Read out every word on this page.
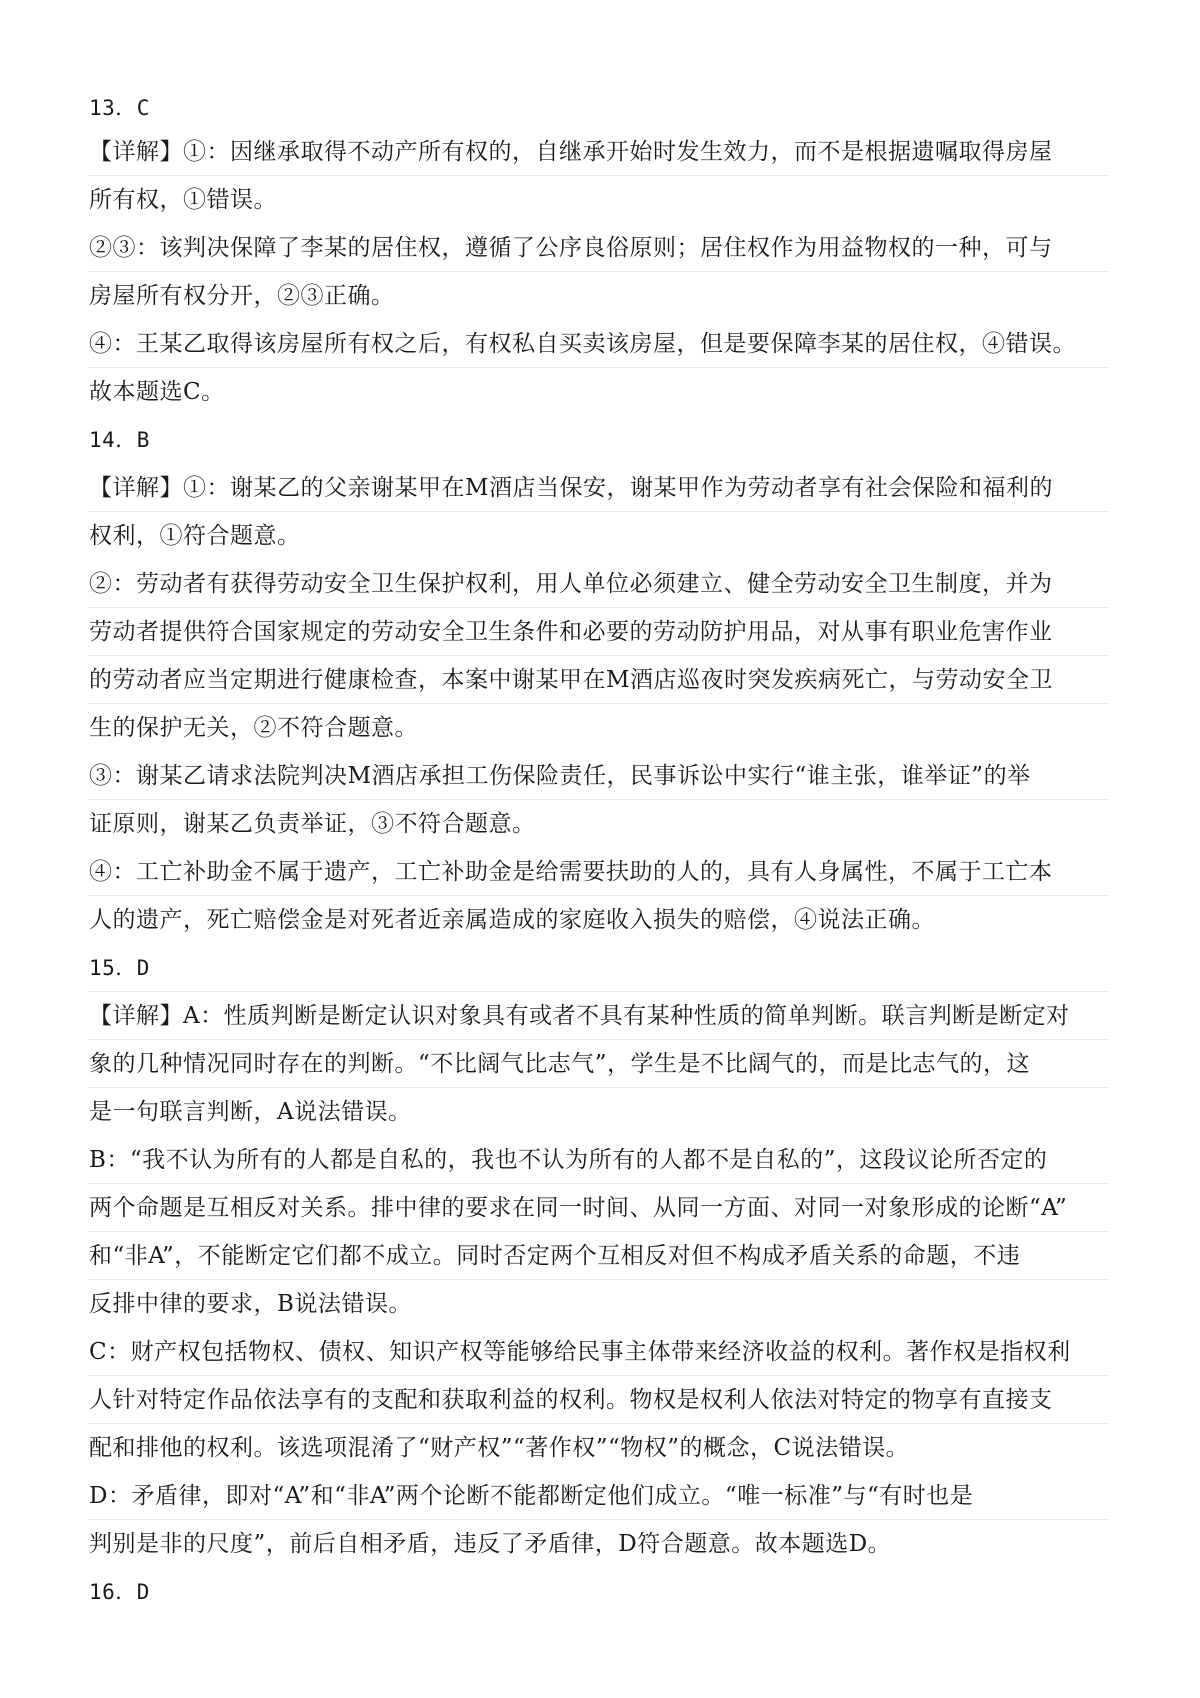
13．C
【详解】①：因继承取得不动产所有权的，自继承开始时发生效力，而不是根据遗嘱取得房屋
所有权，①错误。
②③：该判决保障了李某的居住权，遵循了公序良俗原则；居住权作为用益物权的一种，可与
房屋所有权分开，②③正确。
④：王某乙取得该房屋所有权之后，有权私自买卖该房屋，但是要保障李某的居住权，④错误。
故本题选C。
14．B
【详解】①：谢某乙的父亲谢某甲在M酒店当保安，谢某甲作为劳动者享有社会保险和福利的
权利，①符合题意。
②：劳动者有获得劳动安全卫生保护权利，用人单位必须建立、健全劳动安全卫生制度，并为
劳动者提供符合国家规定的劳动安全卫生条件和必要的劳动防护用品，对从事有职业危害作业
的劳动者应当定期进行健康检查，本案中谢某甲在M酒店巡夜时突发疾病死亡，与劳动安全卫
生的保护无关，②不符合题意。
③：谢某乙请求法院判决M酒店承担工伤保险责任，民事诉讼中实行“谁主张，谁举证”的举
证原则，谢某乙负责举证，③不符合题意。
④：工亡补助金不属于遗产，工亡补助金是给需要扶助的人的，具有人身属性，不属于工亡本
人的遗产，死亡赔偿金是对死者近亲属造成的家庭收入损失的赔偿，④说法正确。
15．D
【详解】A：性质判断是断定认识对象具有或者不具有某种性质的简单判断。联言判断是断定对
象的几种情况同时存在的判断。“不比阔气比志气”，学生是不比阔气的，而是比志气的，这
是一句联言判断，A说法错误。
B：“我不认为所有的人都是自私的，我也不认为所有的人都不是自私的”，这段议论所否定的
两个命题是互相反对关系。排中律的要求在同一时间、从同一方面、对同一对象形成的论断“A”
和“非A”，不能断定它们都不成立。同时否定两个互相反对但不构成矛盾关系的命题，不违
反排中律的要求，B说法错误。
C：财产权包括物权、债权、知识产权等能够给民事主体带来经济收益的权利。著作权是指权利
人针对特定作品依法享有的支配和获取利益的权利。物权是权利人依法对特定的物享有直接支
配和排他的权利。该选项混淆了“财产权”“著作权”“物权”的概念，C说法错误。
D：矛盾律，即对“A”和“非A”两个论断不能都断定他们成立。“唯一标准”与“有时也是
判别是非的尺度”，前后自相矛盾，违反了矛盾律，D符合题意。故本题选D。
16．D
